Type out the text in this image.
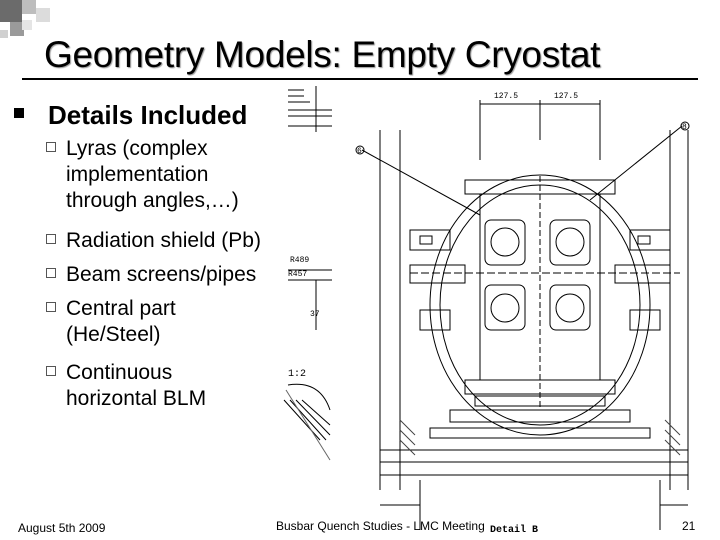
Geometry Models: Empty Cryostat
Details Included
127.5	127.5
6
8
R489
R457
37
1:2
Detail B
Lyras (complex implementation through angles,…)
Radiation shield (Pb)
Beam screens/pipes
Central part (He/Steel)
Continuous horizontal BLM
August 5th 2009	Busbar Quench Studies - LMC Meeting	21
